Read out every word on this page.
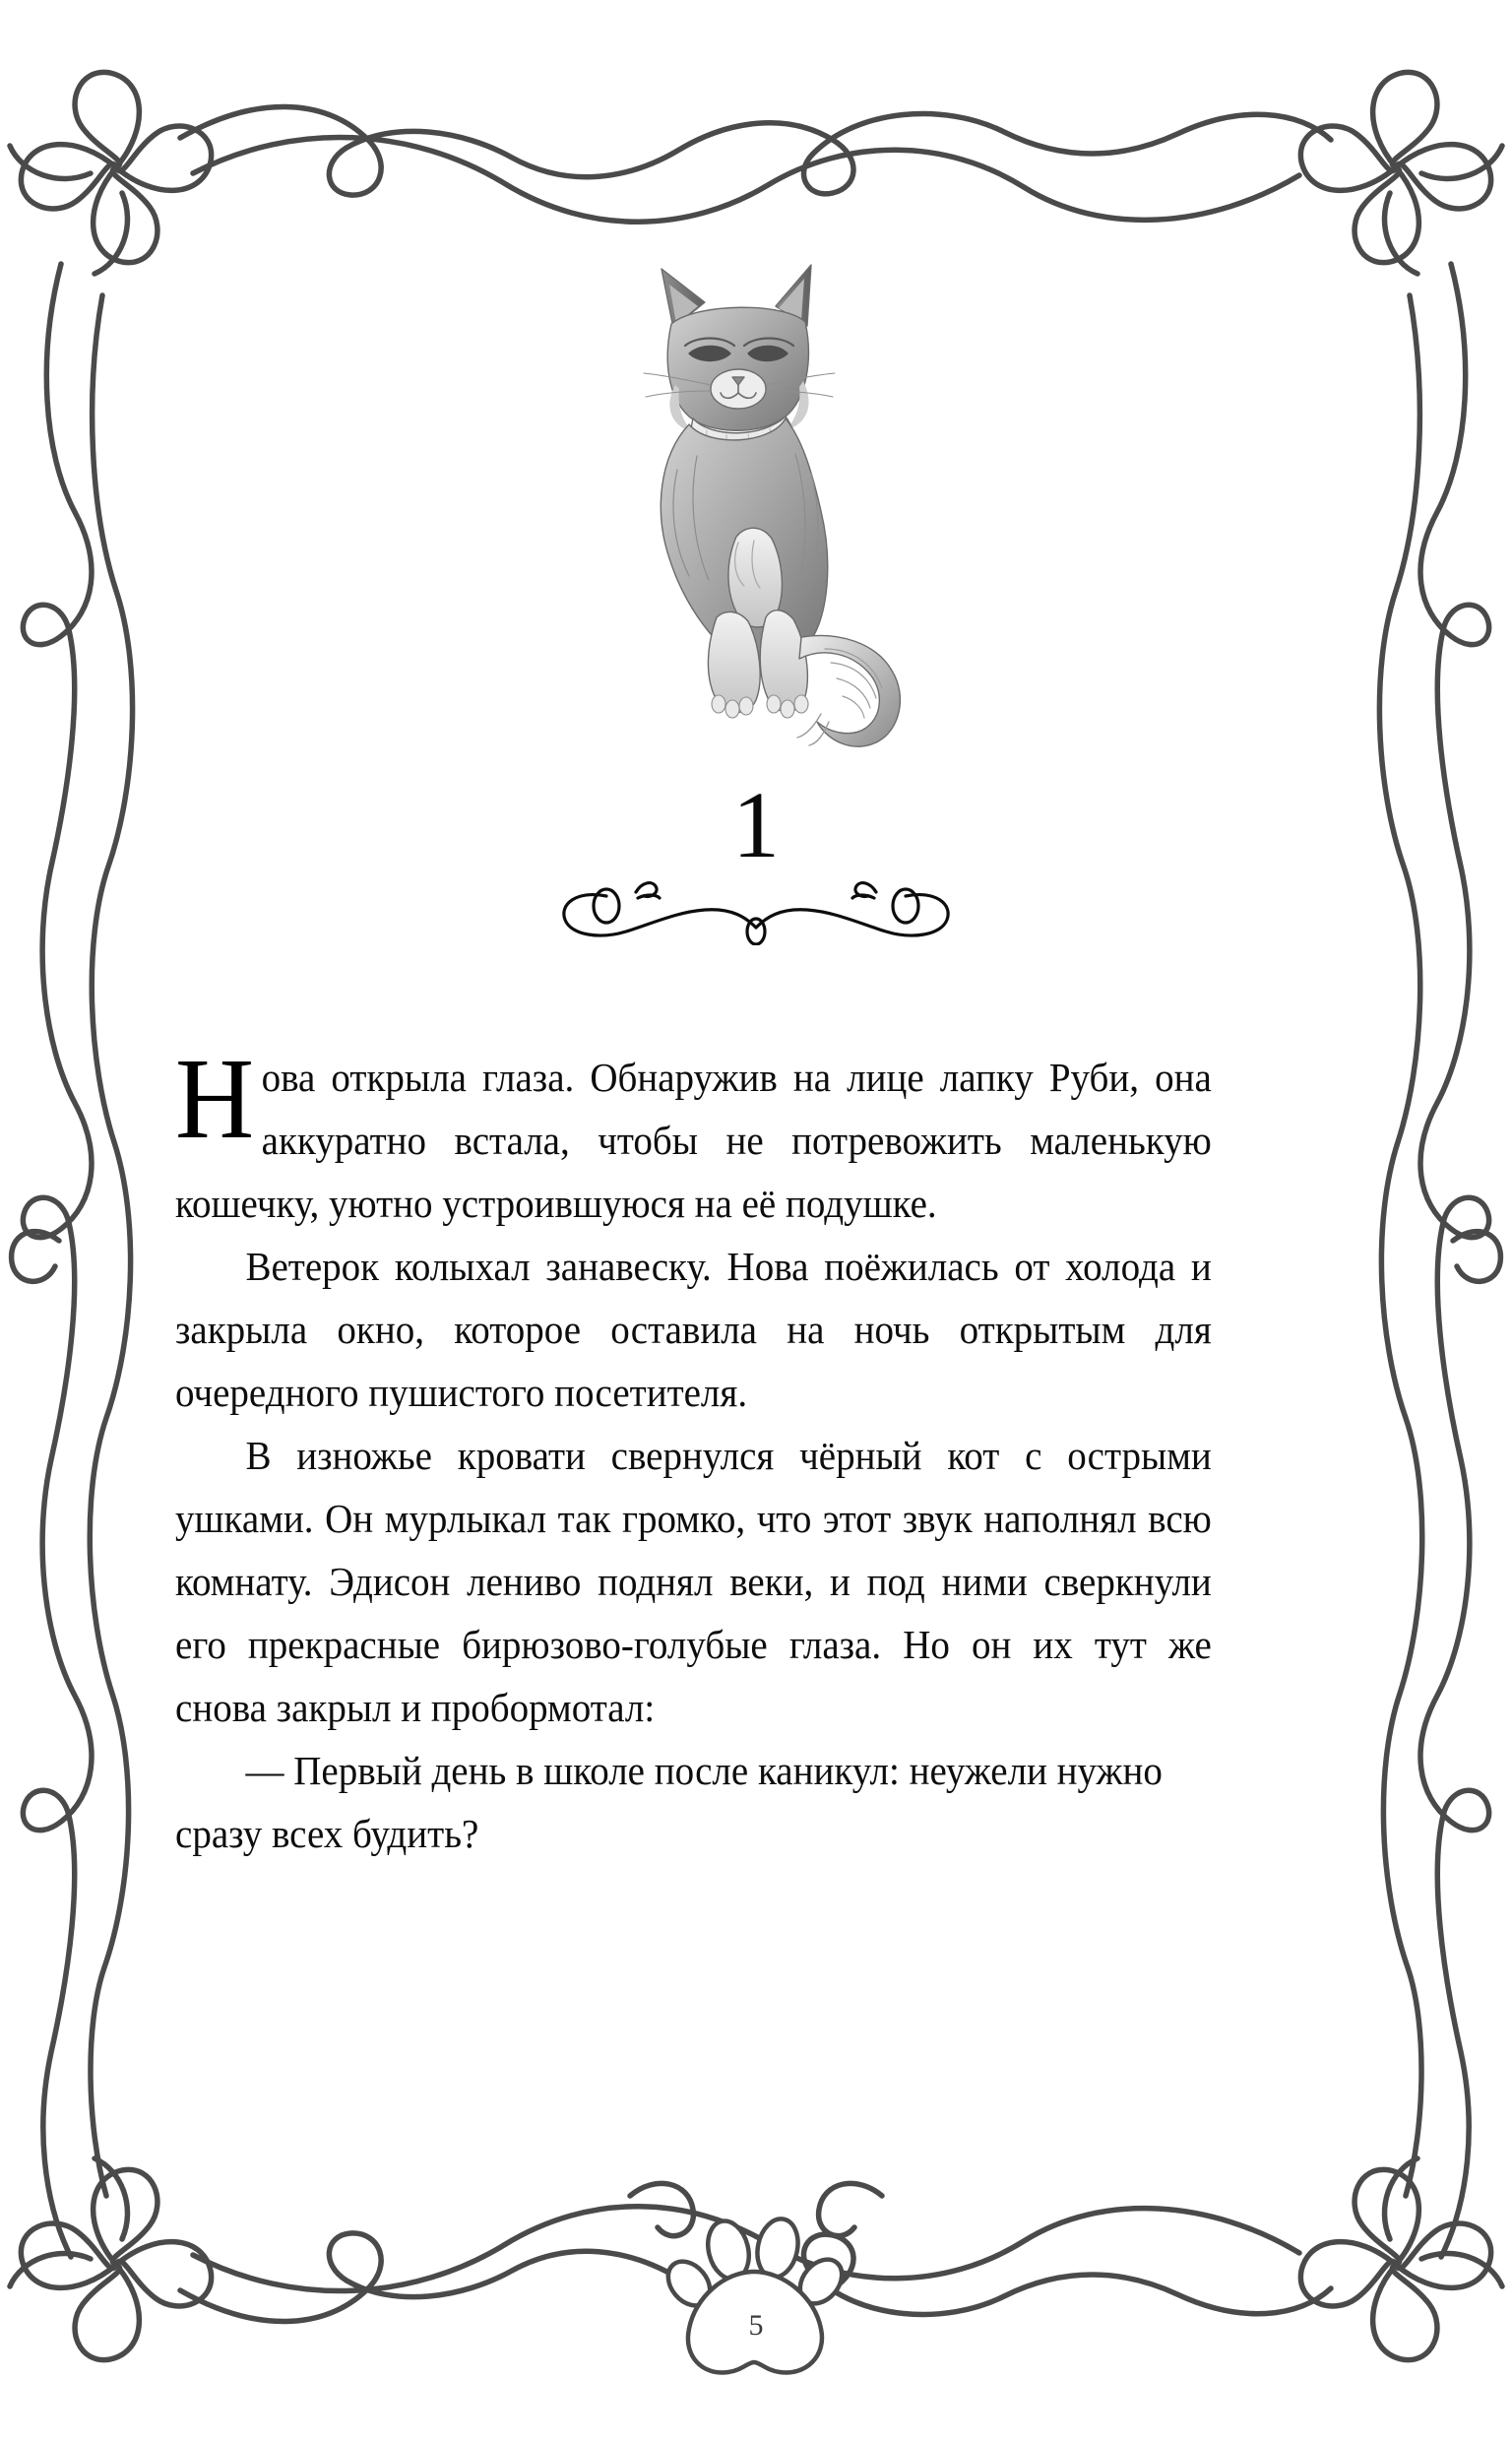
1

Нова открыла глаза. Обнаружив на лице лапку Руби, она аккуратно встала, чтобы не потревожить маленькую кошечку, уютно устроившуюся на её подушке.

Ветерок колыхал занавеску. Нова поёжилась от холода и закрыла окно, которое оставила на ночь открытым для очередного пушистого посетителя.

В изножье кровати свернулся чёрный кот с острыми ушками. Он мурлыкал так громко, что этот звук наполнял всю комнату. Эдисон лениво поднял веки, и под ними сверкнули его прекрасные бирюзово-голубые глаза. Но он их тут же снова закрыл и пробормотал:

— Первый день в школе после каникул: неужели нужно сразу всех будить?

5
